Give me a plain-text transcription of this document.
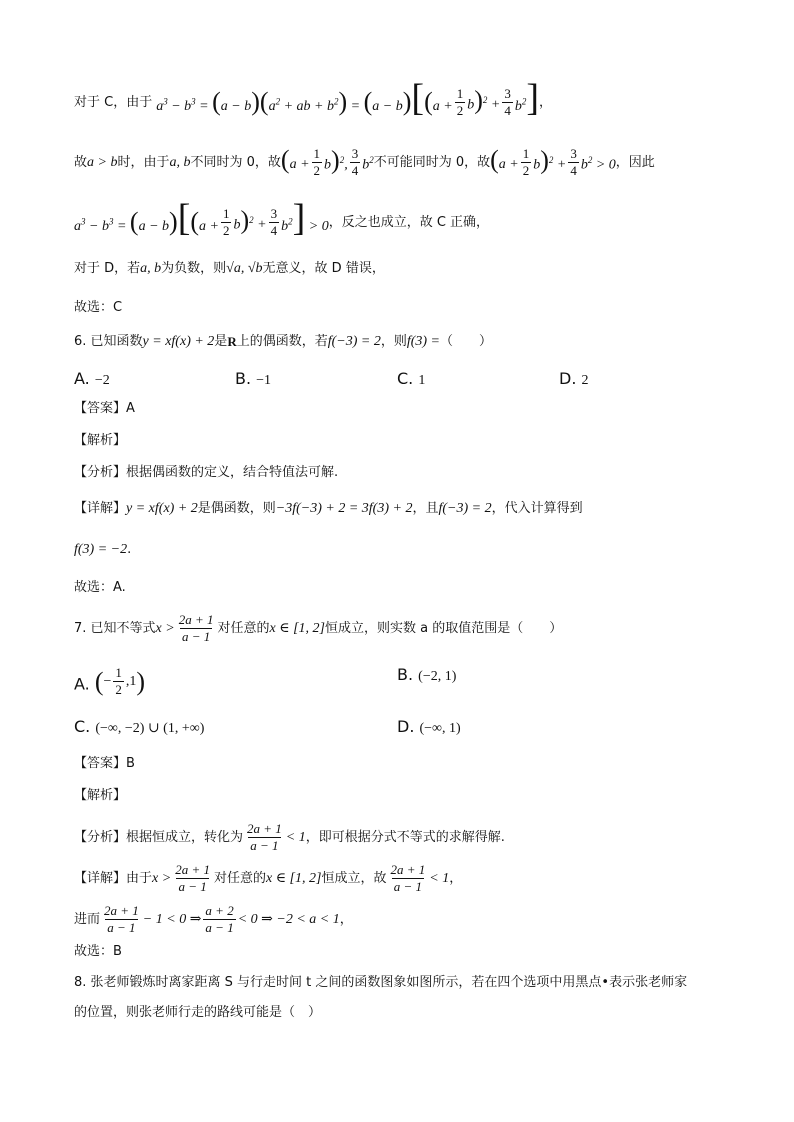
对于 C，由于 $a^3 - b^3 = (a - b)(a^2$ + ab + $b^2) = (a - b)[(a + \frac{1}{2} b)^2 + \frac{3}{4} b^2]$ ，
故 a > b 时，由于 a, b 不同时为 0，故 $(a + \frac{1}{2} b)^2$, $\frac{3}{4} b^2$ 不可能同时为 0，故 $(a + \frac{1}{2} b)^2 + \frac{3}{4} b^2 > 0$ ，因此
$a^3 - b^3 = (a - b)[(a + \frac{1}{2} b)^2 + \frac{3}{4} b^2] > 0$ ，反之也成立，故 C 正确，
对于 D，若 a, b 为负数，则 √a, √b 无意义，故 D 错误，
故选：C
6. 已知函数 y = xf(x) + 2 是 R 上的偶函数，若 f(−3) = 2 ，则 f(3) = （　　）
A. −2	B. −1	C. 1	D. 2
【答案】A
【解析】
【分析】根据偶函数的定义，结合特值法可解.
【详解】 y = xf(x) + 2 是偶函数，则 −3f(−3) + 2 = 3f(3) + 2 ，且 f(−3) = 2 ，代入计算得到
f(3) = −2 .
故选：A.
7. 已知不等式 $x > \frac{2a + 1}{a - 1}$ 对任意的 x ∈ [1, 2] 恒成立，则实数 a 的取值范围是（　　）
A. ( − $\frac{1}{2} ,1$ )	B. (−2, 1)
C. (−∞, −2) ∪ (1, +∞)	D. (−∞, 1)
【答案】B
【解析】
【分析】根据恒成立，转化为 $\frac{2a + 1}{a - 1} < 1$ ，即可根据分式不等式的求解得解.
【详解】由于 $x > \frac{2a + 1}{a - 1}$ 对任意的 x ∈ [1, 2] 恒成立，故 $\frac{2a + 1}{a - 1} < 1$ ，
进而 $\frac{2a + 1}{a - 1} - 1 < 0$ ⇒ $\frac{a + 2}{a - 1} < 0$ ⇒ −2 < a < 1 ，
故选：B
8. 张老师锻炼时离家距离 S 与行走时间 t 之间的函数图象如图所示，若在四个选项中用黑点•表示张老师家
的位置，则张老师行走的路线可能是（　）
